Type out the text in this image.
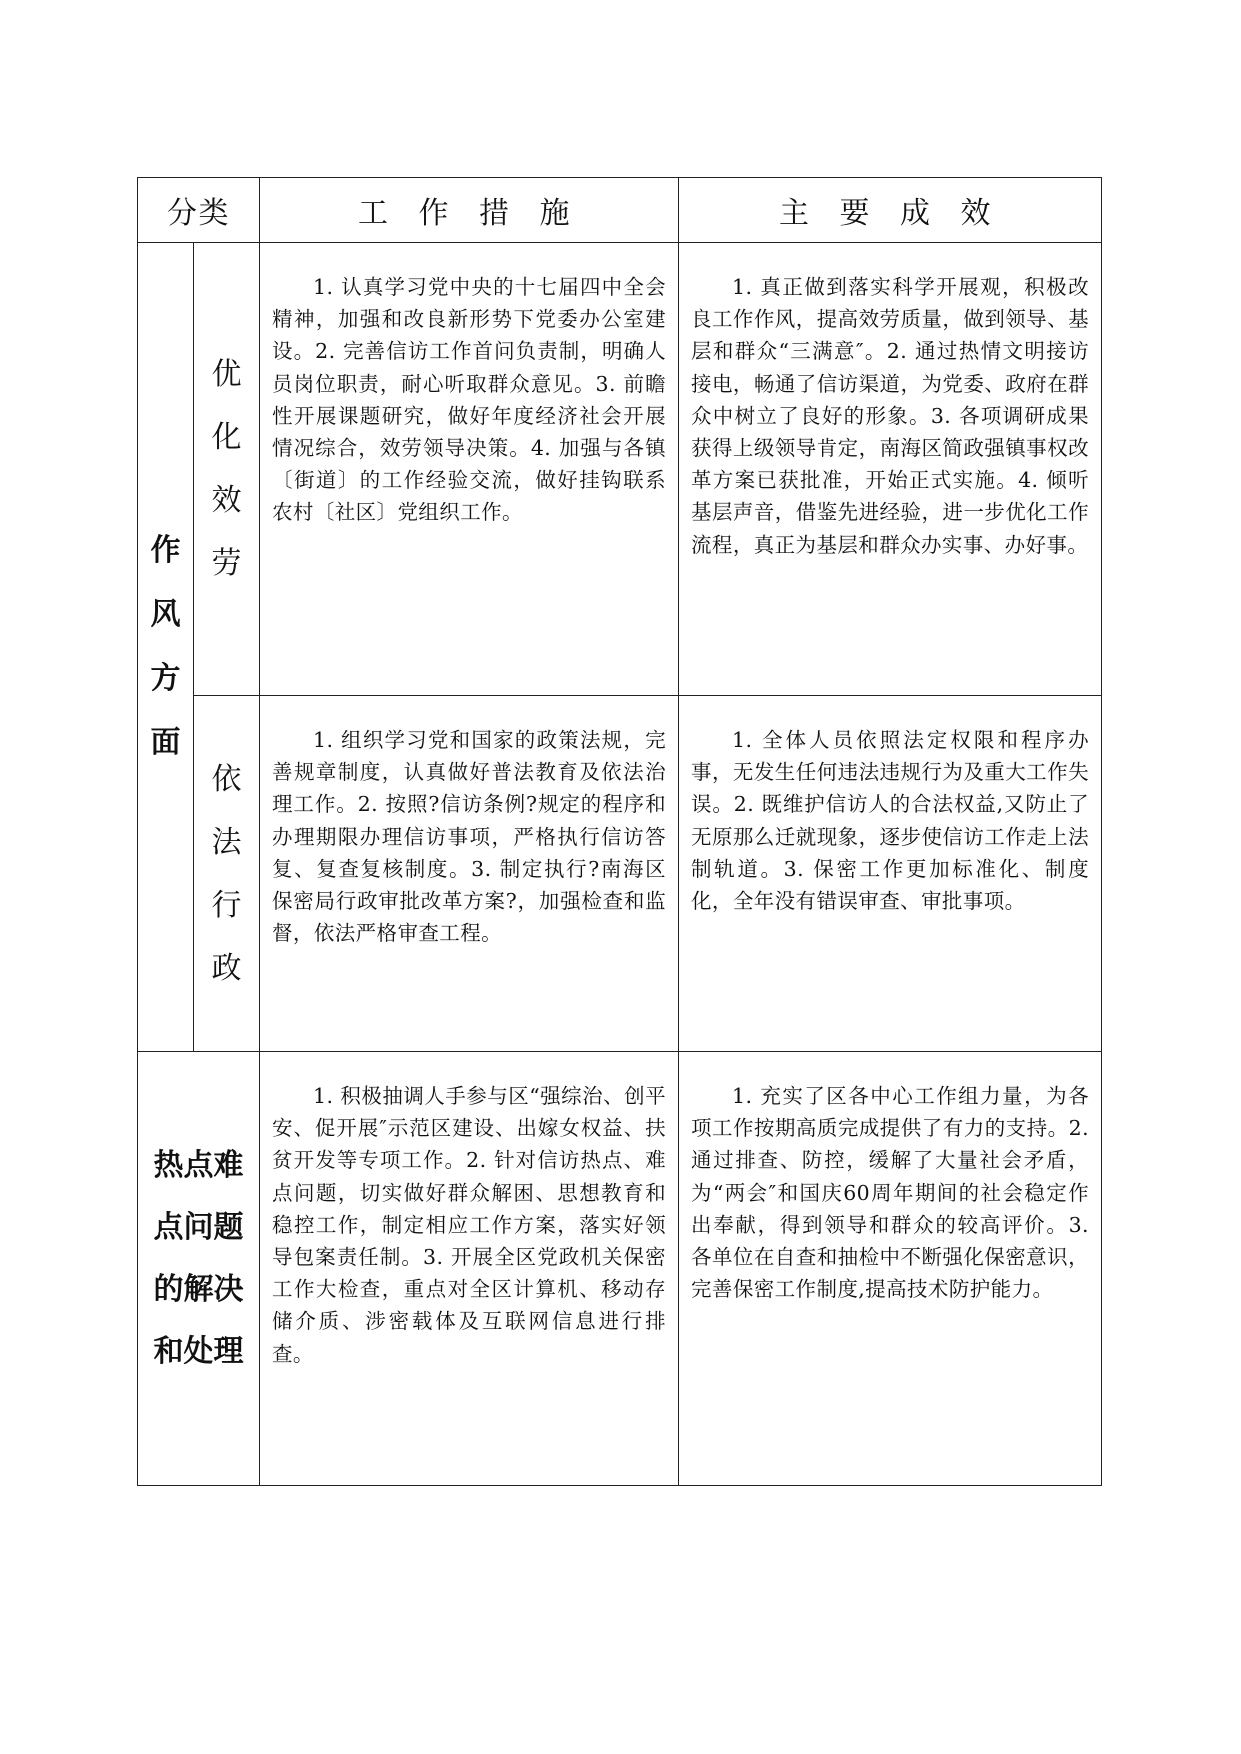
分类		工 作 措 施	主 要 成 效

作风方面	优化效劳	1. 认真学习党中央的十七届四中全会精神，加强和改良新形势下党委办公室建设。2. 完善信访工作首问负责制，明确人员岗位职责，耐心听取群众意见。3. 前瞻性开展课题研究，做好年度经济社会开展情况综合，效劳领导决策。4. 加强与各镇〔街道〕的工作经验交流，做好挂钩联系农村〔社区〕党组织工作。	1. 真正做到落实科学开展观，积极改良工作作风，提高效劳质量，做到领导、基层和群众“三满意″。2. 通过热情文明接访接电，畅通了信访渠道，为党委、政府在群众中树立了良好的形象。3. 各项调研成果获得上级领导肯定，南海区简政强镇事权改革方案已获批准，开始正式实施。4. 倾听基层声音，借鉴先进经验，进一步优化工作流程，真正为基层和群众办实事、办好事。

	依法行政	1. 组织学习党和国家的政策法规，完善规章制度，认真做好普法教育及依法治理工作。2. 按照?信访条例?规定的程序和办理期限办理信访事项，严格执行信访答复、复查复核制度。3. 制定执行?南海区保密局行政审批改革方案?，加强检查和监督，依法严格审查工程。	1. 全体人员依照法定权限和程序办事，无发生任何违法违规行为及重大工作失误。2. 既维护信访人的合法权益,又防止了无原那么迁就现象，逐步使信访工作走上法制轨道。3. 保密工作更加标准化、制度化，全年没有错误审查、审批事项。

热点难点问题的解决和处理		1. 积极抽调人手参与区“强综治、创平安、促开展″示范区建设、出嫁女权益、扶贫开发等专项工作。2. 针对信访热点、难点问题，切实做好群众解困、思想教育和稳控工作，制定相应工作方案，落实好领导包案责任制。3. 开展全区党政机关保密工作大检查，重点对全区计算机、移动存储介质、涉密载体及互联网信息进行排查。	1. 充实了区各中心工作组力量，为各项工作按期高质完成提供了有力的支持。2. 通过排查、防控，缓解了大量社会矛盾，为“两会″和国庆60周年期间的社会稳定作出奉献，得到领导和群众的较高评价。3. 各单位在自查和抽检中不断强化保密意识，完善保密工作制度,提高技术防护能力。
